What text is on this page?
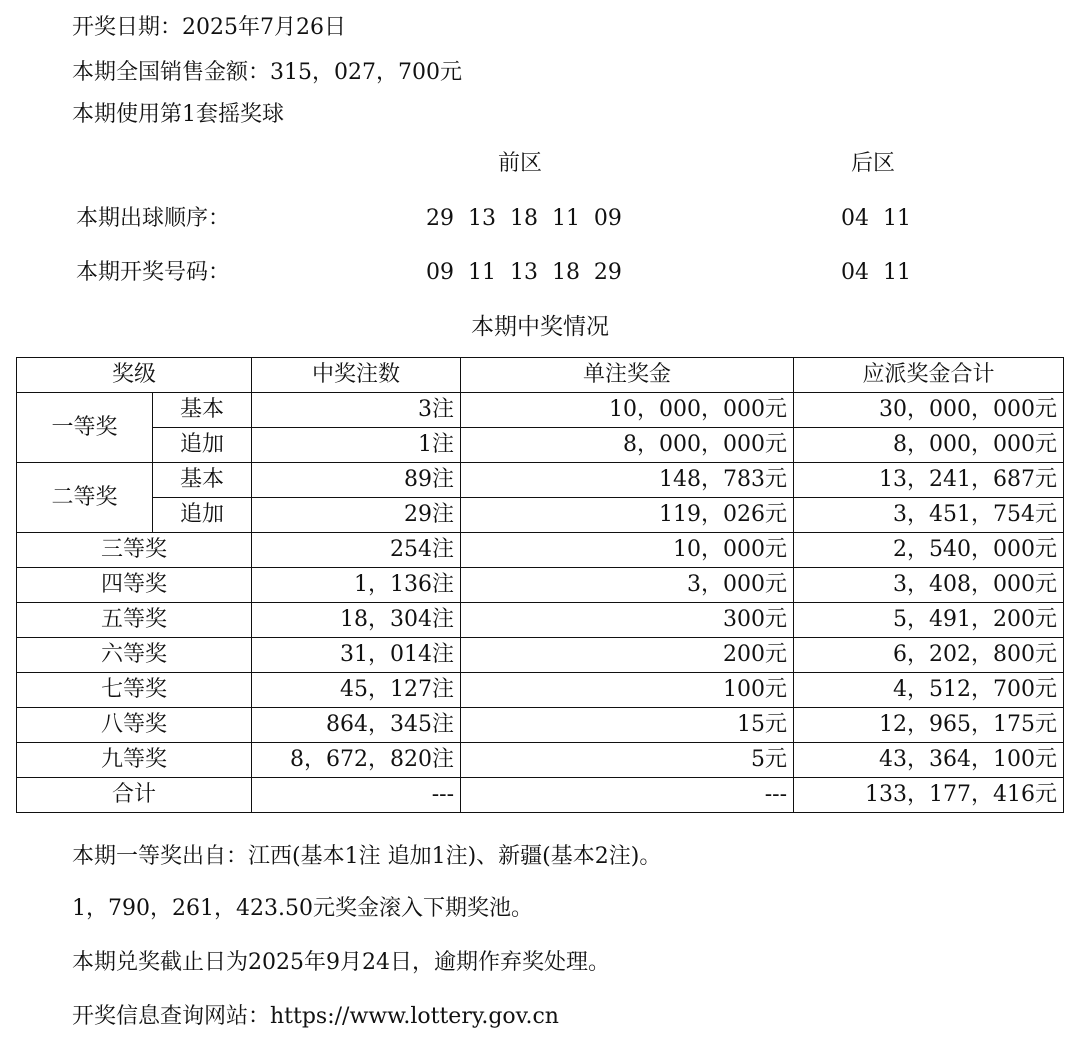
开奖日期：2025年7月26日
本期全国销售金额：315，027，700元
本期使用第1套摇奖球
前区	后区
本期出球顺序：	29  13  18  11  09	04  11
本期开奖号码：	09  11  13  18  29	04  11
本期中奖情况
奖级		中奖注数	单注奖金	应派奖金合计
一等奖	基本	3注	10，000，000元	30，000，000元
	追加	1注	8，000，000元	8，000，000元
二等奖	基本	89注	148，783元	13，241，687元
	追加	29注	119，026元	3，451，754元
三等奖		254注	10，000元	2，540，000元
四等奖		1，136注	3，000元	3，408，000元
五等奖		18，304注	300元	5，491，200元
六等奖		31，014注	200元	6，202，800元
七等奖		45，127注	100元	4，512，700元
八等奖		864，345注	15元	12，965，175元
九等奖		8，672，820注	5元	43，364，100元
合计		---	---	133，177，416元
本期一等奖出自：江西(基本1注 追加1注)、新疆(基本2注)。
1，790，261，423.50元奖金滚入下期奖池。
本期兑奖截止日为2025年9月24日，逾期作弃奖处理。
开奖信息查询网站：https://www.lottery.gov.cn
